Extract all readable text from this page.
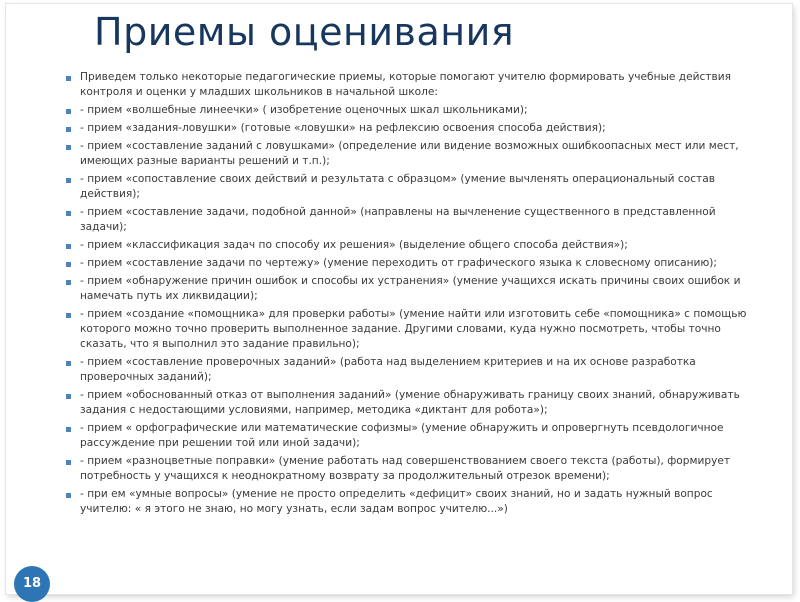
Приемы оценивания
Приведем только некоторые педагогические приемы, которые помогают учителю формировать учебные действия контроля и оценки у младших школьников в начальной школе:
- прием «волшебные линеечки» ( изобретение оценочных шкал школьниками);
- прием «задания-ловушки» (готовые «ловушки» на рефлексию освоения способа действия);
- прием «составление заданий с ловушками» (определение или видение возможных ошибкоопасных мест или мест, имеющих разные варианты решений и т.п.);
- прием «сопоставление своих действий и результата с образцом» (умение вычленять операциональный состав действия);
- прием «составление задачи, подобной данной» (направлены на вычленение существенного в представленной задачи);
- прием «классификация задач по способу их решения» (выделение общего способа действия»);
- прием «составление задачи по чертежу» (умение переходить от графического языка к словесному описанию);
- прием «обнаружение причин ошибок и способы их устранения» (умение учащихся искать причины своих ошибок и намечать путь их ликвидации);
- прием «создание «помощника» для проверки работы» (умение найти или изготовить себе «помощника» с помощью которого можно точно проверить выполненное задание. Другими словами, куда нужно посмотреть, чтобы точно сказать, что я выполнил это задание правильно);
- прием «составление проверочных заданий» (работа над выделением критериев и на их основе разработка проверочных заданий);
- прием «обоснованный отказ от выполнения заданий» (умение обнаруживать границу своих знаний, обнаруживать задания с недостающими условиями, например, методика «диктант для робота»);
- прием « орфографические или математические софизмы» (умение обнаружить и опровергнуть псевдологичное рассуждение при решении той или иной задачи);
- прием «разноцветные поправки» (умение работать над совершенствованием своего текста (работы), формирует потребность у учащихся к неоднократному возврату за продолжительный отрезок времени);
- при ем «умные вопросы» (умение не просто определить «дефицит» своих знаний, но и задать нужный вопрос учителю: « я этого не знаю, но могу узнать, если задам вопрос учителю...»)
18
